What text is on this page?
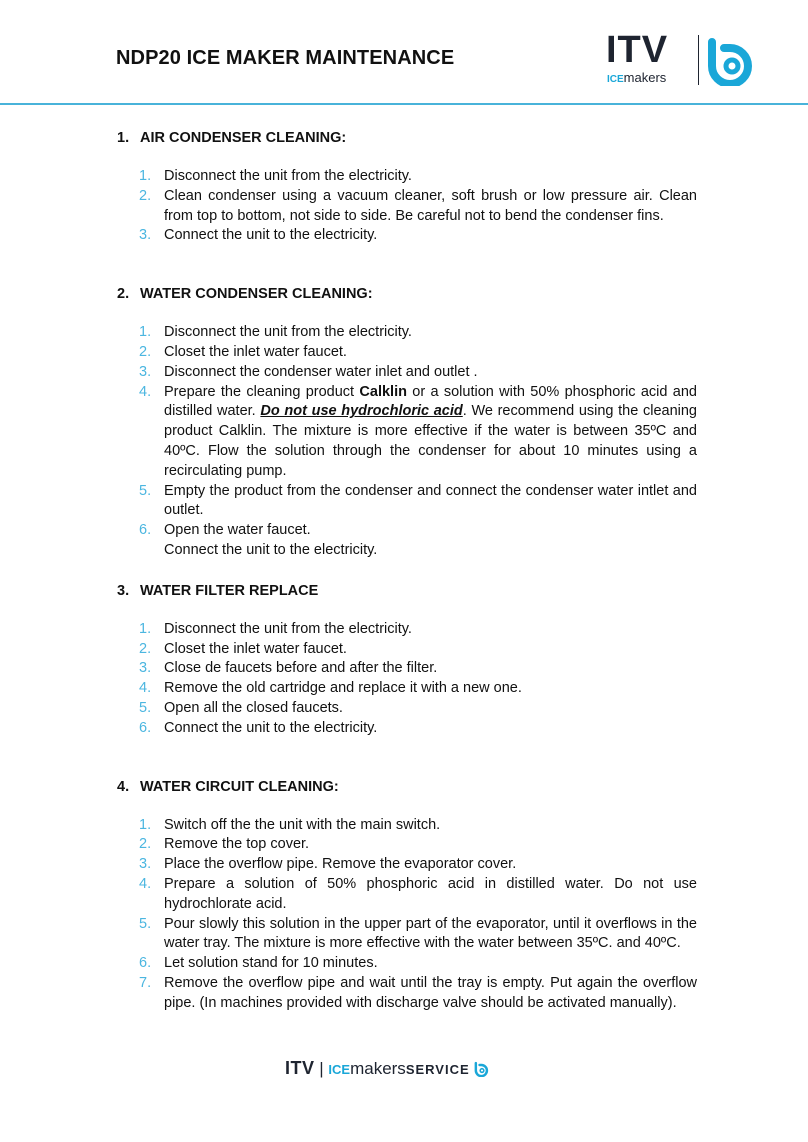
NDP20 ICE MAKER MAINTENANCE	ITV
ICEmakers
1. AIR CONDENSER CLEANING:
1. Disconnect the unit from the electricity.
2. Clean condenser using a vacuum cleaner, soft brush or low pressure air. Clean from top to bottom, not side to side. Be careful not to bend the condenser fins.
3. Connect the unit to the electricity.
2. WATER CONDENSER CLEANING:
1. Disconnect the unit from the electricity.
2. Closet the inlet water faucet.
3. Disconnect the condenser water inlet and outlet .
4. Prepare the cleaning product Calklin or a solution with 50% phosphoric acid and distilled water. Do not use hydrochloric acid. We recommend using the cleaning product Calklin. The mixture is more effective if the water is between 35ºC and 40ºC. Flow the solution through the condenser for about 10 minutes using a recirculating pump.
5. Empty the product from the condenser and connect the condenser water intlet and outlet.
6. Open the water faucet.
Connect the unit to the electricity.
3. WATER FILTER REPLACE
1. Disconnect the unit from the electricity.
2. Closet the inlet water faucet.
3. Close de faucets before and after the filter.
4. Remove the old cartridge and replace it with a new one.
5. Open all the closed faucets.
6. Connect the unit to the electricity.
4. WATER CIRCUIT CLEANING:
1. Switch off the the unit with the main switch.
2. Remove the top cover.
3. Place the overflow pipe. Remove the evaporator cover.
4. Prepare a solution of 50% phosphoric acid in distilled water. Do not use hydrochlorate acid.
5. Pour slowly this solution in the upper part of the evaporator, until it overflows in the water tray. The mixture is more effective with the water between 35ºC. and 40ºC.
6. Let solution stand for 10 minutes.
7. Remove the overflow pipe and wait until the tray is empty. Put again the overflow pipe. (In machines provided with discharge valve should be activated manually).
ITV | ICEmakersSERVICE
